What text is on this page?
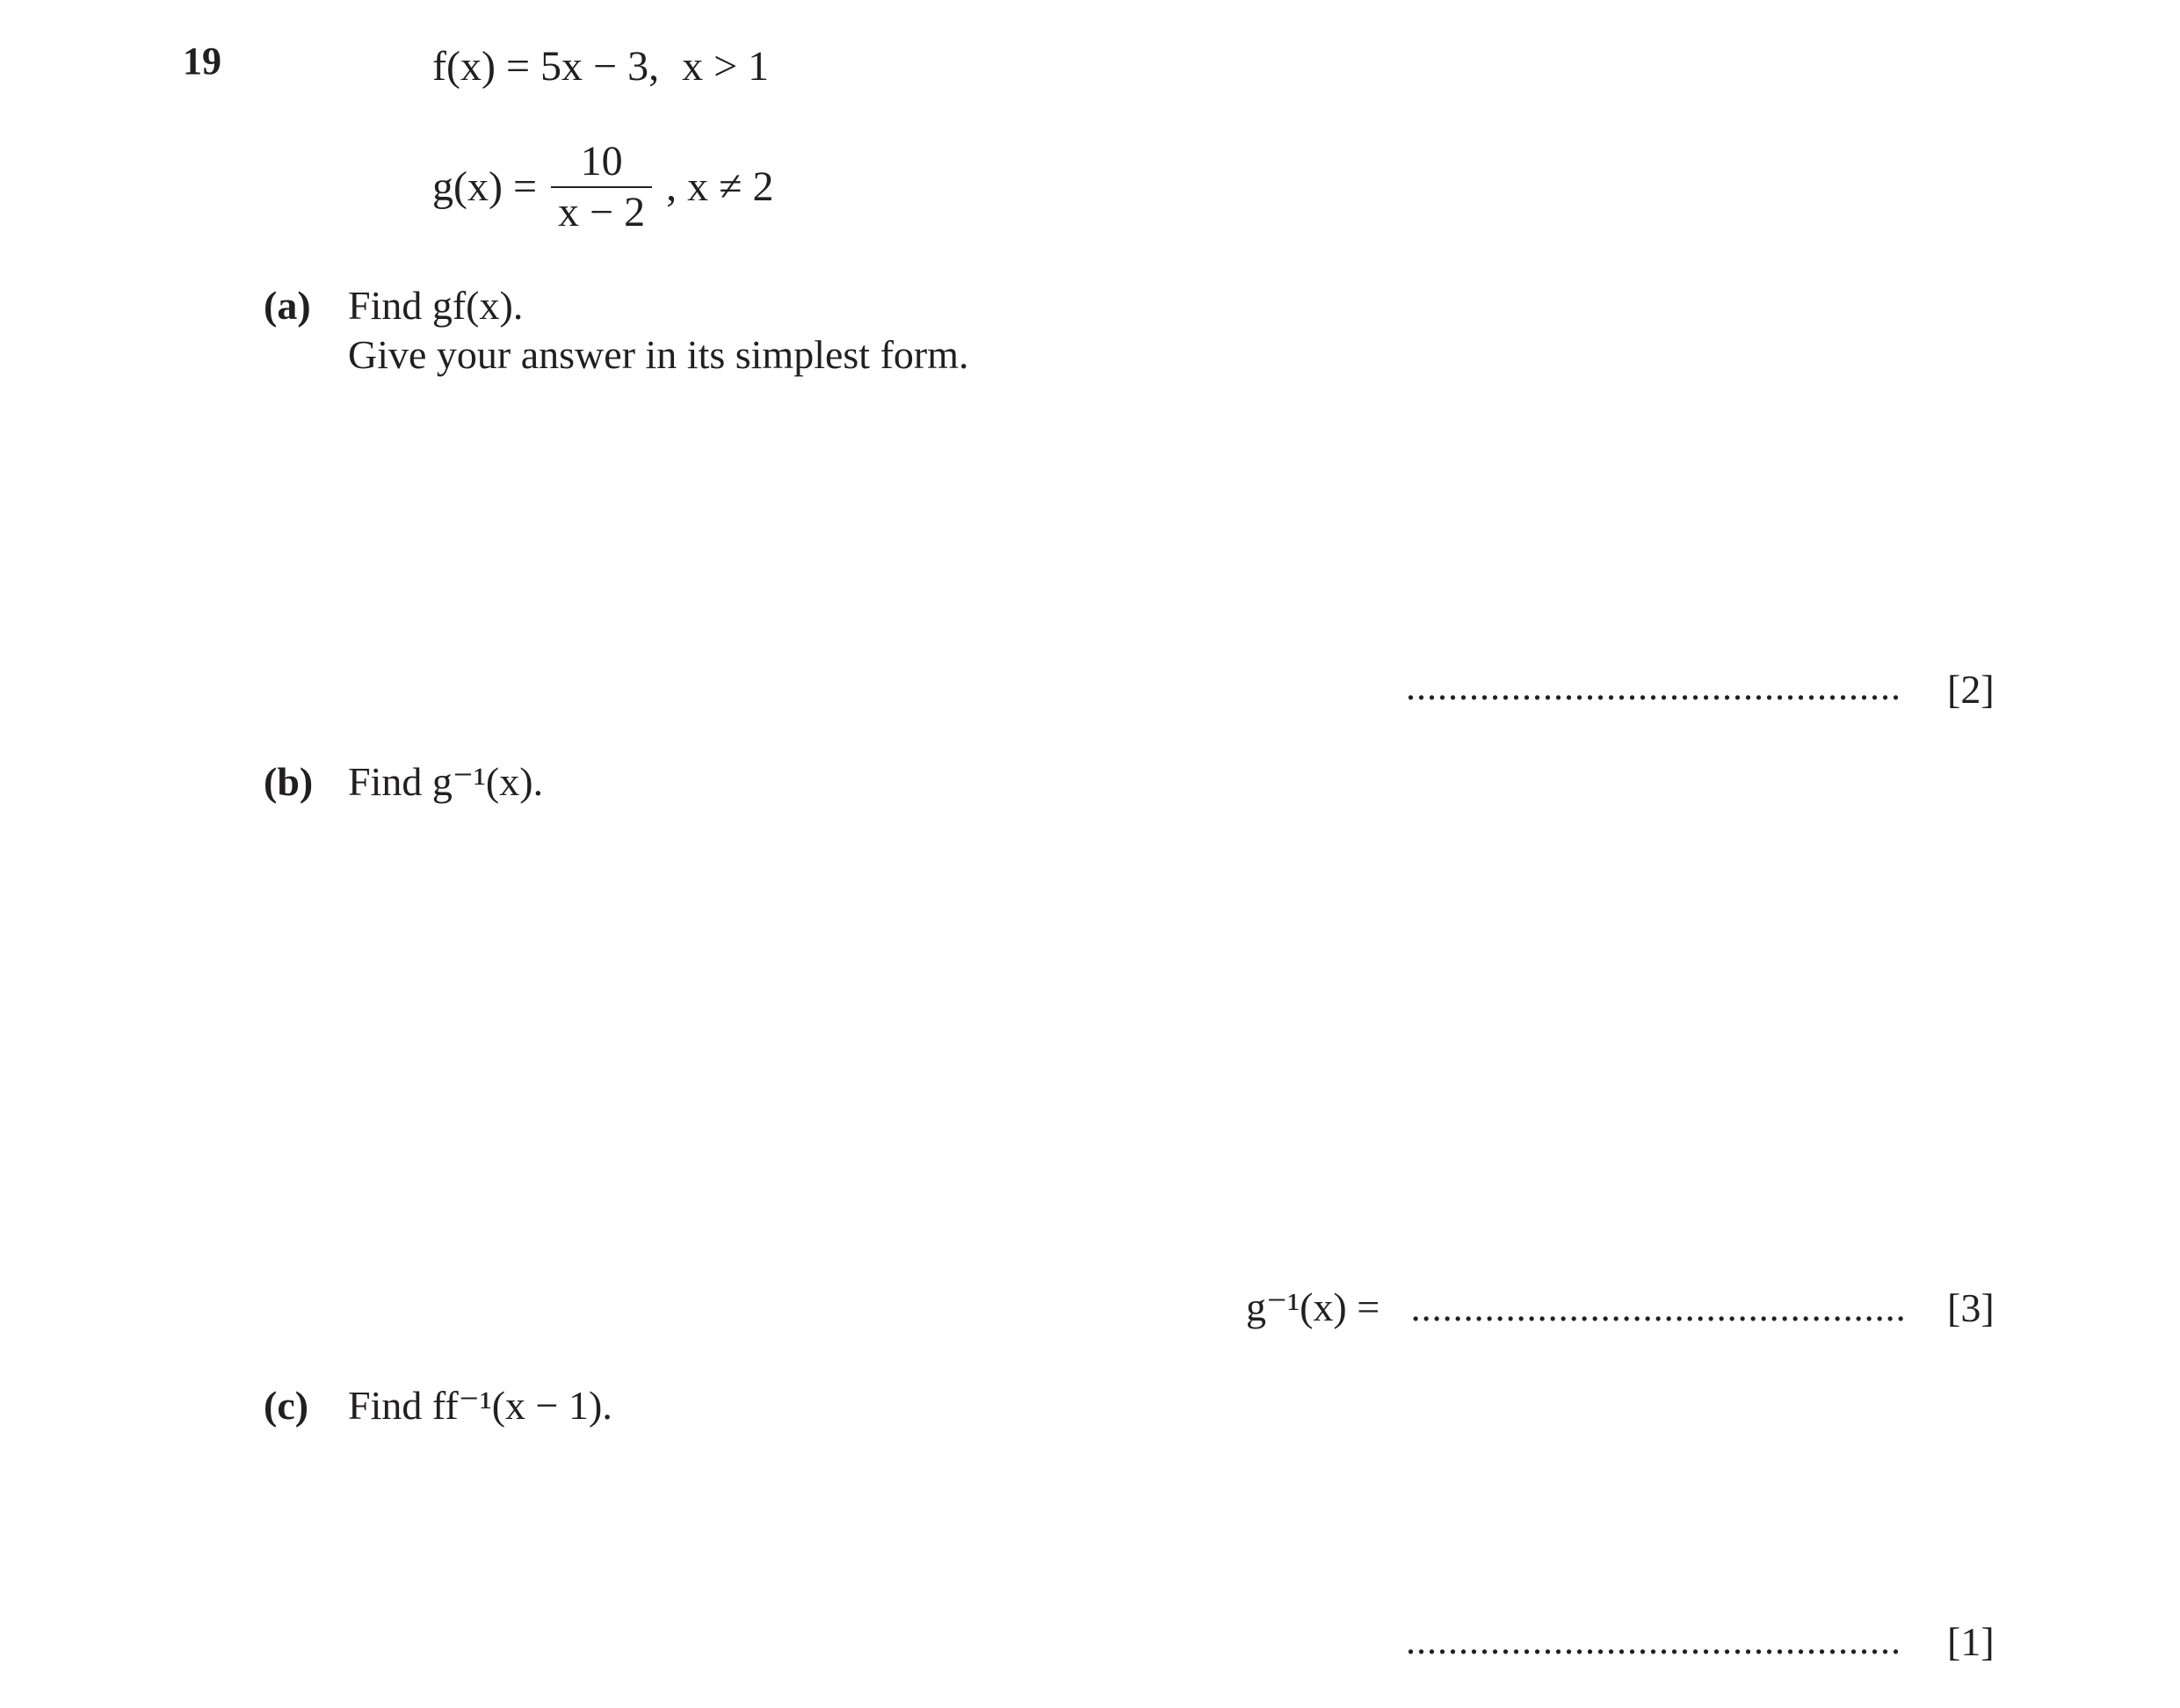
19	f(x) = 5x − 3, x > 1
$g(x) = \frac{10}{x - 2}$ , x ≠ 2
(a) Find gf(x).
Give your answer in its simplest form.
............................................... [2]
(b) Find g⁻¹(x).
g⁻¹(x) = ............................................... [3]
(c) Find ff⁻¹(x − 1).
............................................... [1]
